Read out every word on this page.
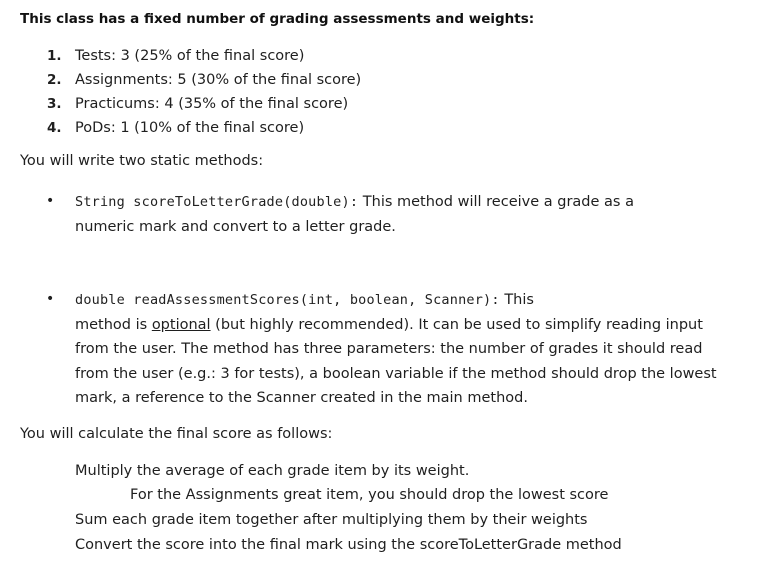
This class has a fixed number of grading assessments and weights:
1. Tests: 3 (25% of the final score)
2. Assignments: 5 (30% of the final score)
3. Practicums: 4 (35% of the final score)
4. PoDs: 1 (10% of the final score)
You will write two static methods:
• String scoreToLetterGrade(double): This method will receive a grade as a
numeric mark and convert to a letter grade.
• double readAssessmentScores(int, boolean, Scanner): This
method is optional (but highly recommended). It can be used to simplify reading input
from the user. The method has three parameters: the number of grades it should read
from the user (e.g.: 3 for tests), a boolean variable if the method should drop the lowest
mark, a reference to the Scanner created in the main method.
You will calculate the final score as follows:
Multiply the average of each grade item by its weight.
For the Assignments great item, you should drop the lowest score
Sum each grade item together after multiplying them by their weights
Convert the score into the final mark using the scoreToLetterGrade method
